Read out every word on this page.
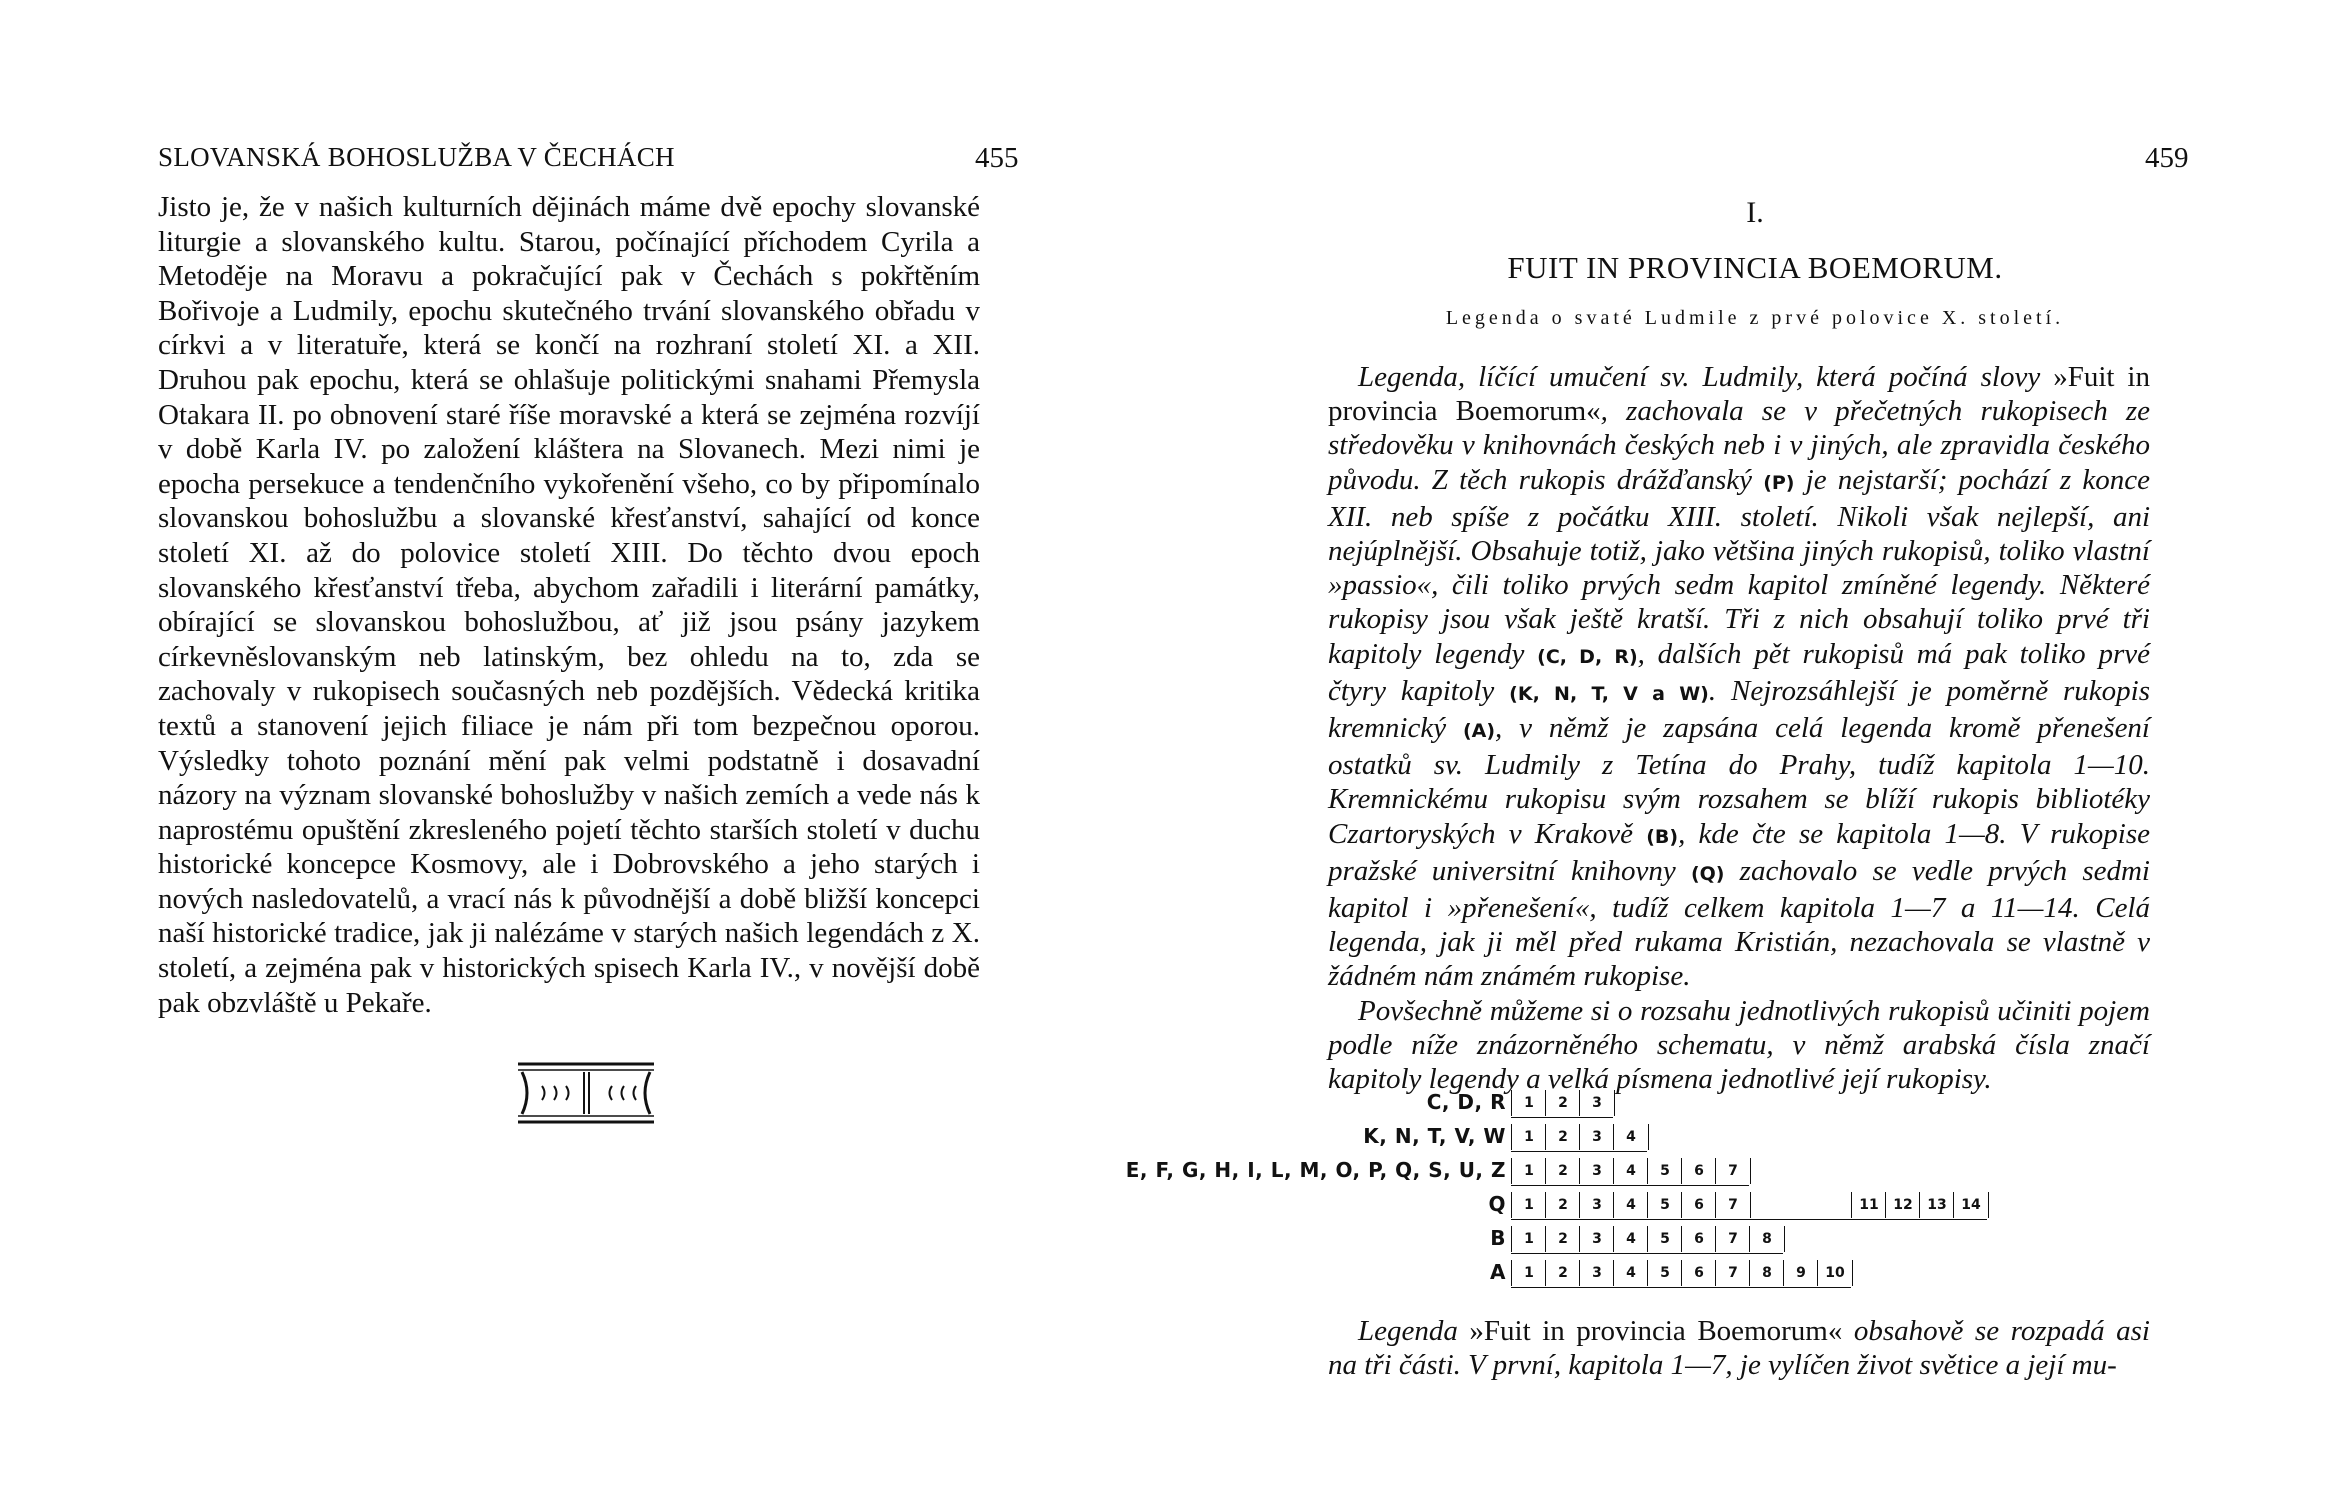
SLOVANSKÁ BOHOSLUŽBA V ČECHÁCH	455

Jisto je, že v našich kulturních dějinách máme dvě epochy slovanské liturgie a slovanského kultu. Starou, počínající příchodem Cyrila a Metoděje na Moravu a pokračující pak v Čechách s pokřtěním Bořivoje a Ludmily, epochu skutečného trvání slovanského obřadu v církvi a v literatuře, která se končí na rozhraní století XI. a XII. Druhou pak epochu, která se ohlašuje politickými snahami Přemysla Otakara II. po obnovení staré říše moravské a která se zejména rozvíjí v době Karla IV. po založení kláštera na Slovanech. Mezi nimi je epocha persekuce a tendenčního vykořenění všeho, co by připomínalo slovanskou bohoslužbu a slovanské křesťanství, sahající od konce století XI. až do polovice století XIII. Do těchto dvou epoch slovanského křesťanství třeba, abychom zařadili i literární památky, obírající se slovanskou bohoslužbou, ať již jsou psány jazykem církevněslovanským neb latinským, bez ohledu na to, zda se zachovaly v rukopisech současných neb pozdějších. Vědecká kritika textů a stanovení jejich filiace je nám při tom bezpečnou oporou. Výsledky tohoto poznání mění pak velmi podstatně i dosavadní názory na význam slovanské bohoslužby v našich zemích a vede nás k naprostému opuštění zkresleného pojetí těchto starších století v duchu historické koncepce Kosmovy, ale i Dobrovského a jeho starých i nových nasledovatelů, a vrací nás k původnější a době bližší koncepci naší historické tradice, jak ji nalézáme v starých našich legendách z X. století, a zejména pak v historických spisech Karla IV., v novější době pak obzvláště u Pekaře.

459
I.
FUIT IN PROVINCIA BOEMORUM.
Legenda o svaté Ludmile z prvé polovice X. století.

Legenda, líčící umučení sv. Ludmily, která počíná slovy »Fuit in provincia Boemorum«, zachovala se v přečetných rukopisech ze středověku v knihovnách českých neb i v jiných, ale zpravidla českého původu. Z těch rukopis drážďanský (P) je nejstarší; pochází z konce XII. neb spíše z počátku XIII. století. Nikoli však nejlepší, ani nejúplnější. Obsahuje totiž, jako většina jiných rukopisů, toliko vlastní »passio«, čili toliko prvých sedm kapitol zmíněné legendy. Některé rukopisy jsou však ještě kratší. Tři z nich obsahují toliko prvé tři kapitoly legendy (C, D, R), dalších pět rukopisů má pak toliko prvé čtyry kapitoly (K, N, T, V a W). Nejrozsáhlejší je poměrně rukopis kremnický (A), v němž je zapsána celá legenda kromě přenešení ostatků sv. Ludmily z Tetína do Prahy, tudíž kapitola 1—10. Kremnickému rukopisu svým rozsahem se blíží rukopis bibliotéky Czartoryských v Krakově (B), kde čte se kapitola 1—8. V rukopise pražské universitní knihovny (Q) zachovalo se vedle prvých sedmi kapitol i »přenešení«, tudíž celkem kapitola 1—7 a 11—14. Celá legenda, jak ji měl před rukama Kristián, nezachovala se vlastně v žádném nám známém rukopise.

Povšechně můžeme si o rozsahu jednotlivých rukopisů učiniti pojem podle níže znázorněného schematu, v němž arabská čísla značí kapitoly legendy a velká písmena jednotlivé její rukopisy.

C, D, R	1	2	3
K, N, T, V, W	1	2	3	4
E, F, G, H, I, L, M, O, P, Q, S, U, Z	1	2	3	4	5	6	7
Q	1	2	3	4	5	6	7	11	12	13	14
B	1	2	3	4	5	6	7	8
A	1	2	3	4	5	6	7	8	9	10

Legenda »Fuit in provincia Boemorum« obsahově se rozpadá asi na tři části. V první, kapitola 1—7, je vylíčen život světice a její mu-
